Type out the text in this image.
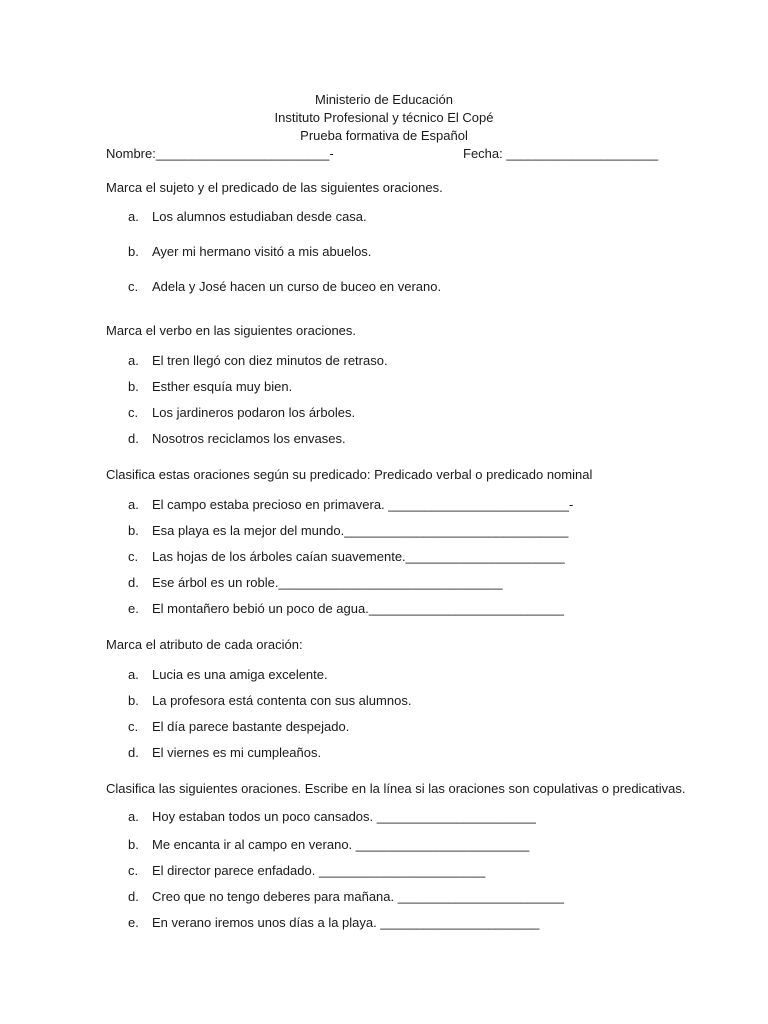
Ministerio de Educación
Instituto Profesional y técnico El Copé
Prueba formativa de Español
Nombre:________________________-	Fecha: _____________________
Marca el sujeto y el predicado de las siguientes oraciones.
a. Los alumnos estudiaban desde casa.
b. Ayer mi hermano visitó a mis abuelos.
c. Adela y José hacen un curso de buceo en verano.
Marca el verbo en las siguientes oraciones.
a. El tren llegó con diez minutos de retraso.
b. Esther esquía muy bien.
c. Los jardineros podaron los árboles.
d. Nosotros reciclamos los envases.
Clasifica estas oraciones según su predicado: Predicado verbal o predicado nominal
a. El campo estaba precioso en primavera. _________________________-
b. Esa playa es la mejor del mundo._______________________________
c. Las hojas de los árboles caían suavemente.______________________
d. Ese árbol es un roble._______________________________
e. El montañero bebió un poco de agua.___________________________
Marca el atributo de cada oración:
a. Lucia es una amiga excelente.
b. La profesora está contenta con sus alumnos.
c. El día parece bastante despejado.
d. El viernes es mi cumpleaños.
Clasifica las siguientes oraciones. Escribe en la línea si las oraciones son copulativas o predicativas.
a. Hoy estaban todos un poco cansados. ______________________
b. Me encanta ir al campo en verano. ________________________
c. El director parece enfadado. _______________________
d. Creo que no tengo deberes para mañana. _______________________
e. En verano iremos unos días a la playa. ______________________
